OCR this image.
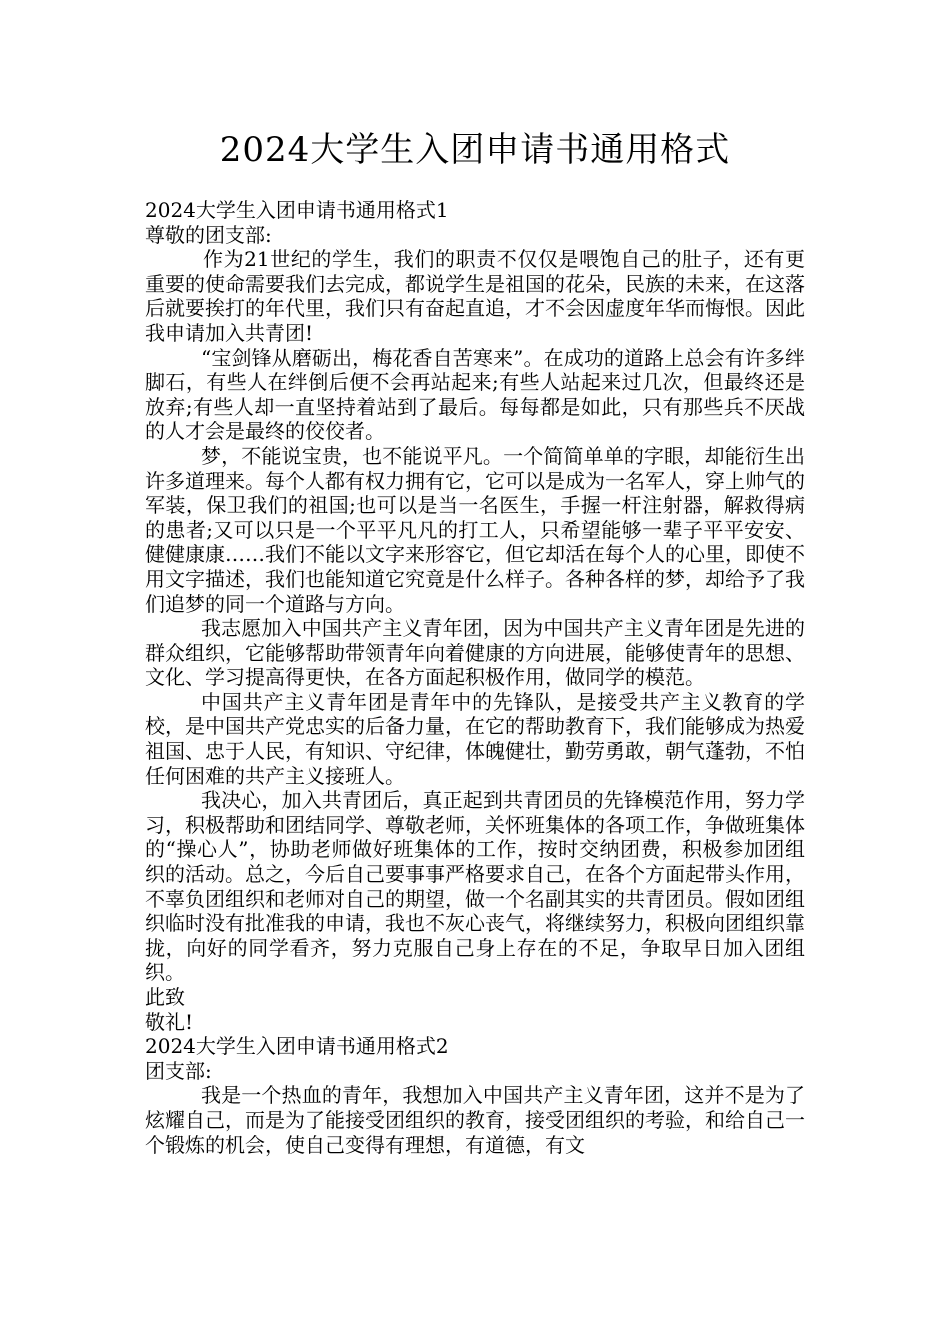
2024大学生入团申请书通用格式

2024大学生入团申请书通用格式1

尊敬的团支部:

作为21世纪的学生，我们的职责不仅仅是喂饱自己的肚子，还有更重要的使命需要我们去完成，都说学生是祖国的花朵，民族的未来，在这落后就要挨打的年代里，我们只有奋起直追，才不会因虚度年华而悔恨。因此我申请加入共青团!

“宝剑锋从磨砺出，梅花香自苦寒来”。在成功的道路上总会有许多绊脚石，有些人在绊倒后便不会再站起来;有些人站起来过几次，但最终还是放弃;有些人却一直坚持着站到了最后。每每都是如此，只有那些兵不厌战的人才会是最终的佼佼者。

梦，不能说宝贵，也不能说平凡。一个简简单单的字眼，却能衍生出许多道理来。每个人都有权力拥有它，它可以是成为一名军人，穿上帅气的军装，保卫我们的祖国;也可以是当一名医生，手握一杆注射器，解救得病的患者;又可以只是一个平平凡凡的打工人，只希望能够一辈子平平安安、健健康康……我们不能以文字来形容它，但它却活在每个人的心里，即使不用文字描述，我们也能知道它究竟是什么样子。各种各样的梦，却给予了我们追梦的同一个道路与方向。

我志愿加入中国共产主义青年团，因为中国共产主义青年团是先进的群众组织，它能够帮助带领青年向着健康的方向进展，能够使青年的思想、文化、学习提高得更快，在各方面起积极作用，做同学的模范。

中国共产主义青年团是青年中的先锋队，是接受共产主义教育的学校，是中国共产党忠实的后备力量，在它的帮助教育下，我们能够成为热爱祖国、忠于人民，有知识、守纪律，体魄健壮，勤劳勇敢，朝气蓬勃，不怕任何困难的共产主义接班人。

我决心，加入共青团后，真正起到共青团员的先锋模范作用，努力学习，积极帮助和团结同学、尊敬老师，关怀班集体的各项工作，争做班集体的“操心人”，协助老师做好班集体的工作，按时交纳团费，积极参加团组织的活动。总之，今后自己要事事严格要求自己，在各个方面起带头作用，不辜负团组织和老师对自己的期望，做一个名副其实的共青团员。假如团组织临时没有批准我的申请，我也不灰心丧气，将继续努力，积极向团组织靠拢，向好的同学看齐，努力克服自己身上存在的不足，争取早日加入团组织。

此致

敬礼!

2024大学生入团申请书通用格式2

团支部:

我是一个热血的青年，我想加入中国共产主义青年团，这并不是为了炫耀自己，而是为了能接受团组织的教育，接受团组织的考验，和给自己一个锻炼的机会，使自己变得有理想，有道德，有文
